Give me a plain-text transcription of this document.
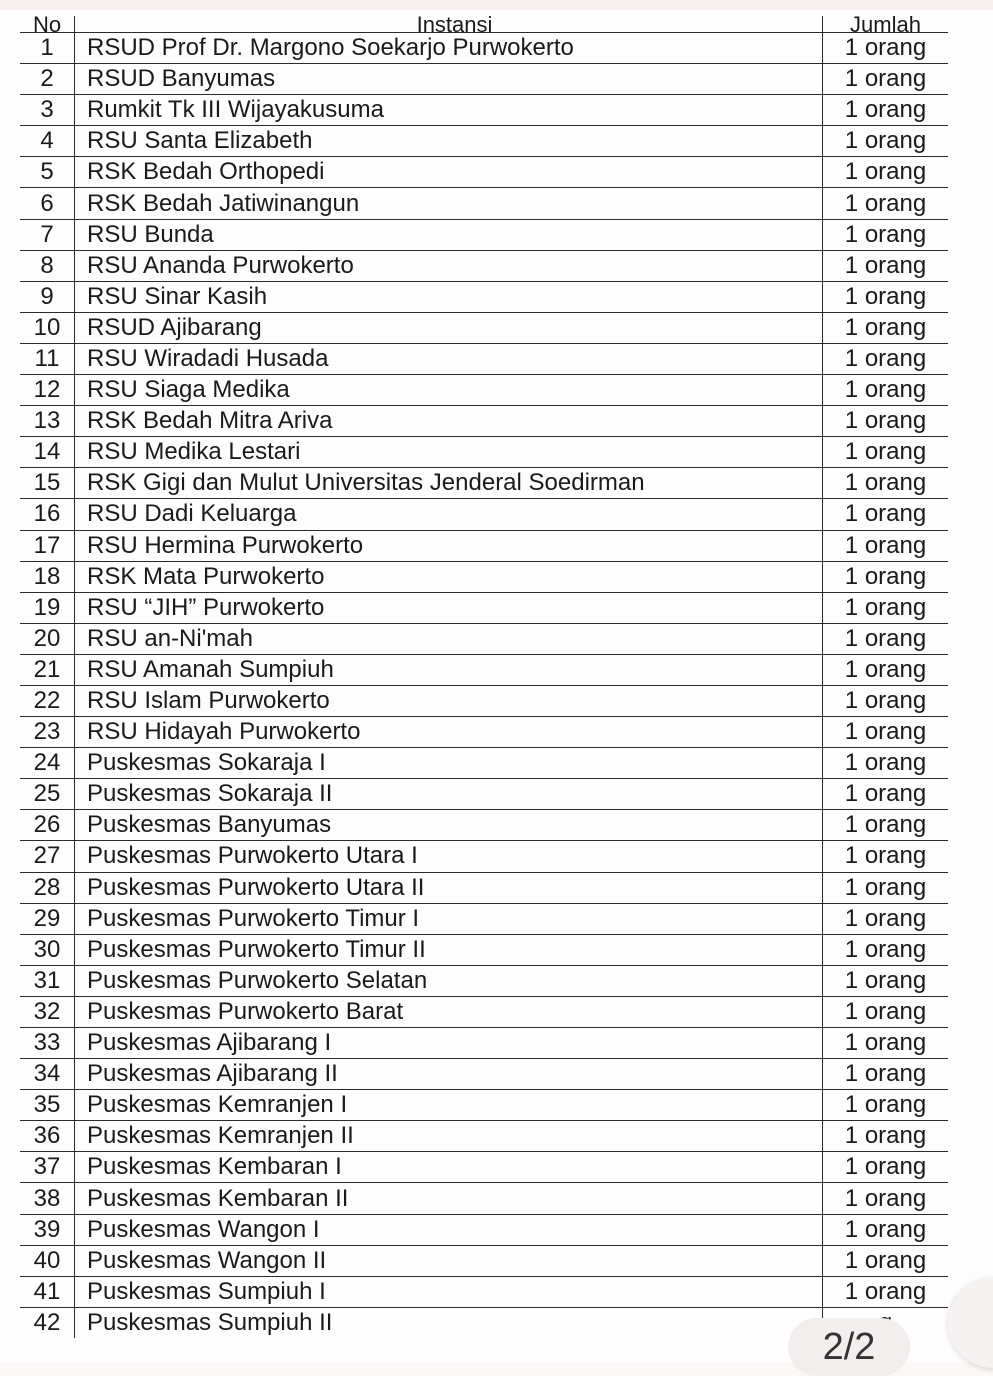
No	Instansi	Jumlah
1	RSUD Prof Dr. Margono Soekarjo Purwokerto	1 orang
2	RSUD Banyumas	1 orang
3	Rumkit Tk III Wijayakusuma	1 orang
4	RSU Santa Elizabeth	1 orang
5	RSK Bedah Orthopedi	1 orang
6	RSK Bedah Jatiwinangun	1 orang
7	RSU Bunda	1 orang
8	RSU Ananda Purwokerto	1 orang
9	RSU Sinar Kasih	1 orang
10	RSUD Ajibarang	1 orang
11	RSU Wiradadi Husada	1 orang
12	RSU Siaga Medika	1 orang
13	RSK Bedah Mitra Ariva	1 orang
14	RSU Medika Lestari	1 orang
15	RSK Gigi dan Mulut Universitas Jenderal Soedirman	1 orang
16	RSU Dadi Keluarga	1 orang
17	RSU Hermina Purwokerto	1 orang
18	RSK Mata Purwokerto	1 orang
19	RSU “JIH” Purwokerto	1 orang
20	RSU an-Ni'mah	1 orang
21	RSU Amanah Sumpiuh	1 orang
22	RSU Islam Purwokerto	1 orang
23	RSU Hidayah Purwokerto	1 orang
24	Puskesmas Sokaraja I	1 orang
25	Puskesmas Sokaraja II	1 orang
26	Puskesmas Banyumas	1 orang
27	Puskesmas Purwokerto Utara I	1 orang
28	Puskesmas Purwokerto Utara II	1 orang
29	Puskesmas Purwokerto Timur I	1 orang
30	Puskesmas Purwokerto Timur II	1 orang
31	Puskesmas Purwokerto Selatan	1 orang
32	Puskesmas Purwokerto Barat	1 orang
33	Puskesmas Ajibarang I	1 orang
34	Puskesmas Ajibarang II	1 orang
35	Puskesmas Kemranjen I	1 orang
36	Puskesmas Kemranjen II	1 orang
37	Puskesmas Kembaran I	1 orang
38	Puskesmas Kembaran II	1 orang
39	Puskesmas Wangon I	1 orang
40	Puskesmas Wangon II	1 orang
41	Puskesmas Sumpiuh I	1 orang
42	Puskesmas Sumpiuh II	
2/2
